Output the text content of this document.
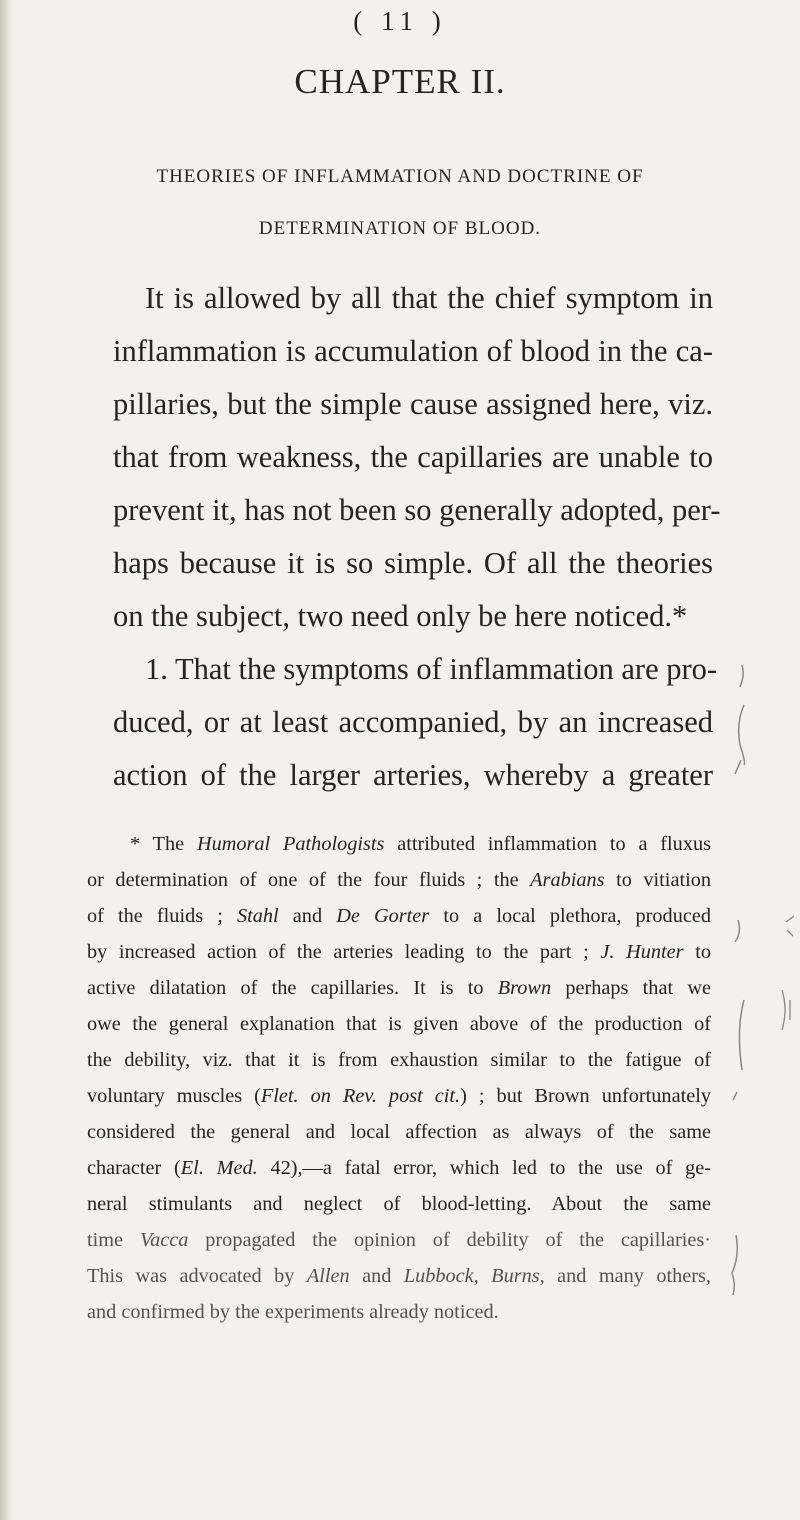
( 11 )
CHAPTER II.
THEORIES OF INFLAMMATION AND DOCTRINE OF
DETERMINATION OF BLOOD.
It is allowed by all that the chief symptom in
inflammation is accumulation of blood in the ca-
pillaries, but the simple cause assigned here, viz.
that from weakness, the capillaries are unable to
prevent it, has not been so generally adopted, per-
haps because it is so simple. Of all the theories
on the subject, two need only be here noticed.*
1. That the symptoms of inflammation are pro-
duced, or at least accompanied, by an increased
action of the larger arteries, whereby a greater
* The Humoral Pathologists attributed inflammation to a fluxus
or determination of one of the four fluids ; the Arabians to vitiation
of the fluids ; Stahl and De Gorter to a local plethora, produced
by increased action of the arteries leading to the part ; J. Hunter to
active dilatation of the capillaries. It is to Brown perhaps that we
owe the general explanation that is given above of the production of
the debility, viz. that it is from exhaustion similar to the fatigue of
voluntary muscles (Flet. on Rev. post cit.) ; but Brown unfortunately
considered the general and local affection as always of the same
character (El. Med. 42),—a fatal error, which led to the use of ge-
neral stimulants and neglect of blood-letting. About the same
time Vacca propagated the opinion of debility of the capillaries·
This was advocated by Allen and Lubbock, Burns, and many others,
and confirmed by the experiments already noticed.
